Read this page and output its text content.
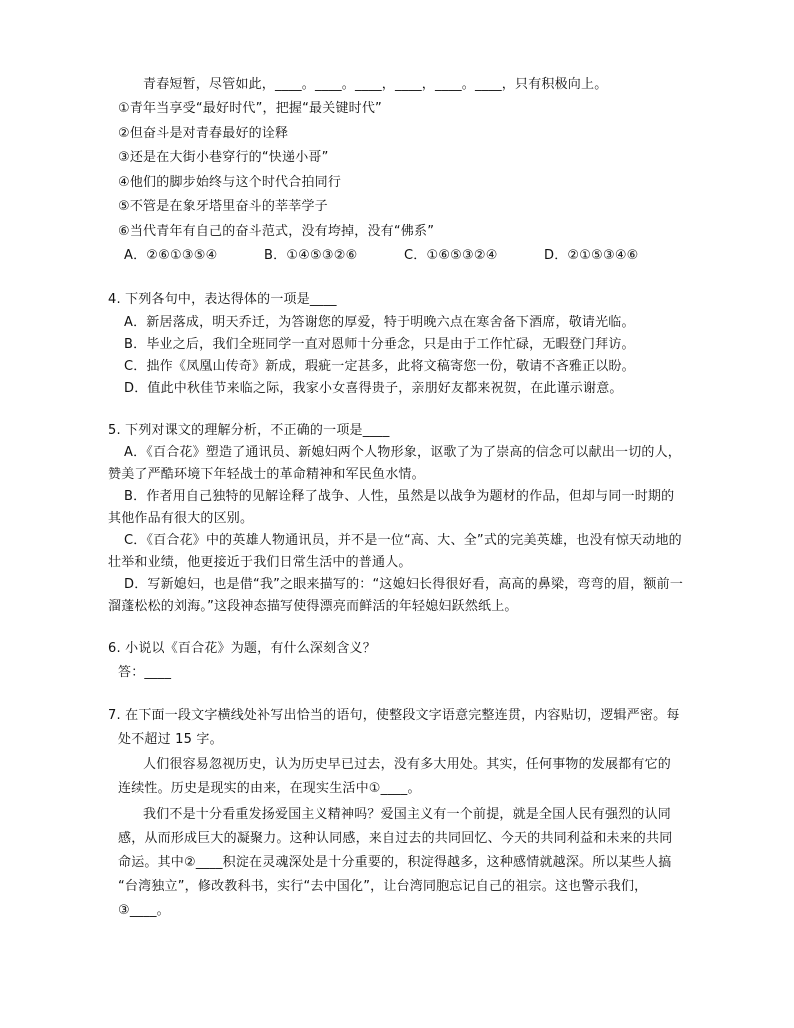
青春短暂，尽管如此，____。____。____，____，____。____，只有积极向上。
①青年当享受“最好时代”，把握“最关键时代”
②但奋斗是对青春最好的诠释
③还是在大街小巷穿行的“快递小哥”
④他们的脚步始终与这个时代合拍同行
⑤不管是在象牙塔里奋斗的莘莘学子
⑥当代青年有自己的奋斗范式，没有垮掉，没有“佛系”
A．②⑥①③⑤④	B．①④⑤③②⑥	C．①⑥⑤③②④	D．②①⑤③④⑥
4. 下列各句中，表达得体的一项是____
A．新居落成，明天乔迁，为答谢您的厚爱，特于明晚六点在寒舍备下酒席，敬请光临。
B．毕业之后，我们全班同学一直对恩师十分垂念，只是由于工作忙碌，无暇登门拜访。
C．拙作《凤凰山传奇》新成，瑕疵一定甚多，此将文稿寄您一份，敬请不吝雅正以盼。
D．值此中秋佳节来临之际，我家小女喜得贵子，亲朋好友都来祝贺，在此谨示谢意。
5. 下列对课文的理解分析，不正确的一项是____
A．《百合花》塑造了通讯员、新媳妇两个人物形象，讴歌了为了崇高的信念可以献出一切的人，
赞美了严酷环境下年轻战士的革命精神和军民鱼水情。
B．作者用自己独特的见解诠释了战争、人性，虽然是以战争为题材的作品，但却与同一时期的
其他作品有很大的区别。
C．《百合花》中的英雄人物通讯员，并不是一位“高、大、全”式的完美英雄，也没有惊天动地的
壮举和业绩，他更接近于我们日常生活中的普通人。
D．写新媳妇，也是借“我”之眼来描写的：“这媳妇长得很好看，高高的鼻梁，弯弯的眉，额前一
溜蓬松松的刘海。”这段神态描写使得漂亮而鲜活的年轻媳妇跃然纸上。
6. 小说以《百合花》为题，有什么深刻含义？
答：____
7. 在下面一段文字横线处补写出恰当的语句，使整段文字语意完整连贯，内容贴切，逻辑严密。每
处不超过 15 字。
人们很容易忽视历史，认为历史早已过去，没有多大用处。其实，任何事物的发展都有它的
连续性。历史是现实的由来，在现实生活中①____。
我们不是十分看重发扬爱国主义精神吗？爱国主义有一个前提，就是全国人民有强烈的认同
感，从而形成巨大的凝聚力。这种认同感，来自过去的共同回忆、今天的共同利益和未来的共同
命运。其中②____积淀在灵魂深处是十分重要的，积淀得越多，这种感情就越深。所以某些人搞
“台湾独立”，修改教科书，实行“去中国化”，让台湾同胞忘记自己的祖宗。这也警示我们，
③____。
